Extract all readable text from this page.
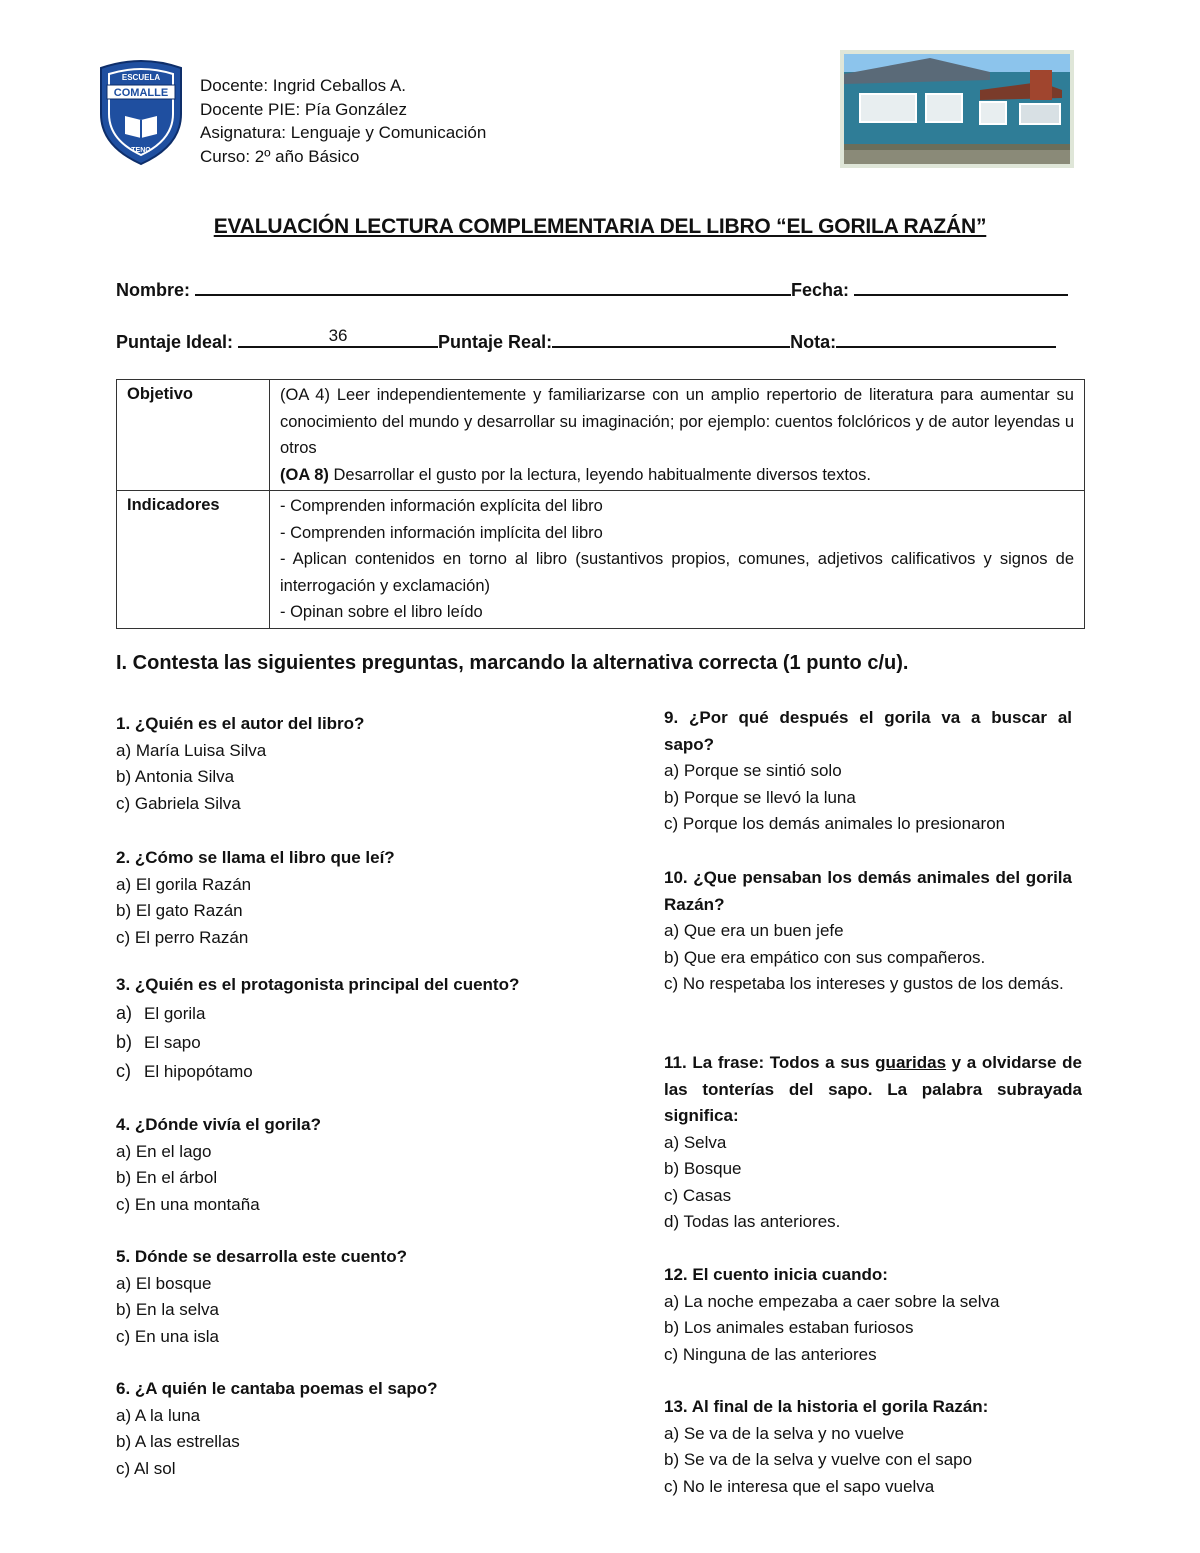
ESCUELA
COMALLE
TENO
Docente: Ingrid Ceballos A.
Docente PIE: Pía González
Asignatura: Lenguaje y Comunicación
Curso: 2º año Básico
EVALUACIÓN LECTURA COMPLEMENTARIA DEL LIBRO “EL GORILA RAZÁN”
Nombre:	Fecha:
Puntaje Ideal:	36	Puntaje Real:	Nota:
Objetivo	(OA 4) Leer independientemente y familiarizarse con un amplio repertorio de literatura para aumentar su conocimiento del mundo y desarrollar su imaginación; por ejemplo: cuentos folclóricos y de autor leyendas u otros
(OA 8) Desarrollar el gusto por la lectura, leyendo habitualmente diversos textos.
Indicadores	- Comprenden información explícita del libro
- Comprenden información implícita del libro
- Aplican contenidos en torno al libro (sustantivos propios, comunes, adjetivos calificativos y signos de interrogación y exclamación)
- Opinan sobre el libro leído
I. Contesta las siguientes preguntas, marcando la alternativa correcta (1 punto c/u).
1. ¿Quién es el autor del libro?
a) María Luisa Silva
b) Antonia Silva
c) Gabriela Silva
2. ¿Cómo se llama el libro que leí?
a) El gorila Razán
b) El gato Razán
c) El perro Razán
3. ¿Quién es el protagonista principal del cuento?
a) El gorila
b) El sapo
c) El hipopótamo
4. ¿Dónde vivía el gorila?
a) En el lago
b) En el árbol
c) En una montaña
5. Dónde se desarrolla este cuento?
a) El bosque
b) En la selva
c) En una isla
6. ¿A quién le cantaba poemas el sapo?
a) A la luna
b) A las estrellas
c) Al sol
9. ¿Por qué después el gorila va a buscar al sapo?
a) Porque se sintió solo
b) Porque se llevó la luna
c) Porque los demás animales lo presionaron
10. ¿Que pensaban los demás animales del gorila Razán?
a) Que era un buen jefe
b) Que era empático con sus compañeros.
c) No respetaba los intereses y gustos de los demás.
11. La frase: Todos a sus guaridas y a olvidarse de las tonterías del sapo. La palabra subrayada significa:
a) Selva
b) Bosque
c) Casas
d) Todas las anteriores.
12. El cuento inicia cuando:
a) La noche empezaba a caer sobre la selva
b) Los animales estaban furiosos
c) Ninguna de las anteriores
13. Al final de la historia el gorila Razán:
a) Se va de la selva y no vuelve
b) Se va de la selva y vuelve con el sapo
c) No le interesa que el sapo vuelva
